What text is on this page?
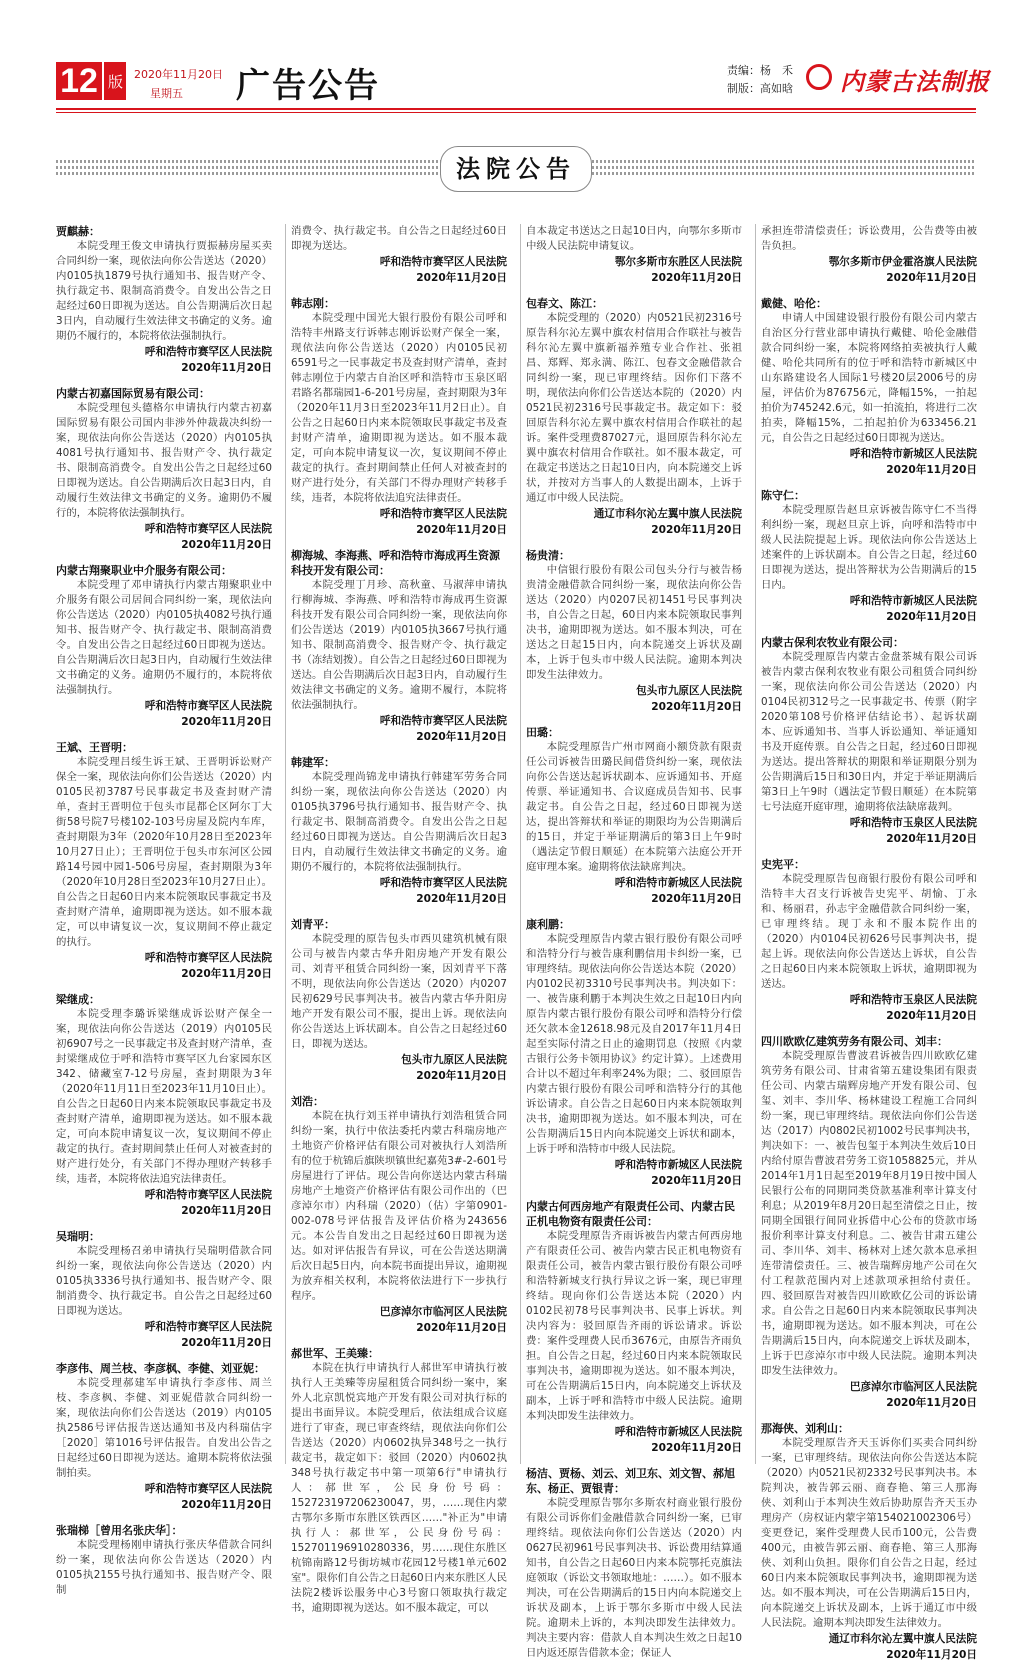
12 版 2020年11月20日
星期五 广告公告	责编：杨　禾
制版：高如晗 内蒙古法制报
法院公告
贾麒赫：

本院受理王俊文申请执行贾振赫房屋买卖合同纠纷一案，现依法向你公告送达（2020）内0105执1879号执行通知书、报告财产令、执行裁定书、限制高消费令。自发出公告之日起经过60日即视为送达。自公告期满后次日起3日内，自动履行生效法律文书确定的义务。逾期仍不履行的，本院将依法强制执行。

呼和浩特市赛罕区人民法院
2020年11月20日
内蒙古初嘉国际贸易有限公司：

本院受理包头德格尔申请执行内蒙古初嘉国际贸易有限公司国内非涉外仲裁裁决纠纷一案，现依法向你公告送达（2020）内0105执4081号执行通知书、报告财产令、执行裁定书、限制高消费令。自发出公告之日起经过60日即视为送达。自公告期满后次日起3日内，自动履行生效法律文书确定的义务。逾期仍不履行的，本院将依法强制执行。

呼和浩特市赛罕区人民法院
2020年11月20日
内蒙古翔聚职业中介服务有限公司：

本院受理了邓申请执行内蒙古翔聚职业中介服务有限公司居间合同纠纷一案，现依法向你公告送达（2020）内0105执4082号执行通知书、报告财产令、执行裁定书、限制高消费令。自发出公告之日起经过60日即视为送达。自公告期满后次日起3日内，自动履行生效法律文书确定的义务。逾期仍不履行的，本院将依法强制执行。

呼和浩特市赛罕区人民法院
2020年11月20日
王斌、王晋明：

本院受理吕绥生诉王斌、王晋明诉讼财产保全一案，现依法向你们公告送达（2020）内0105民初3787号民事裁定书及查封财产清单，查封王晋明位于包头市昆都仑区阿尔丁大街58号院7号楼102-103号房屋及院内车库，查封期限为3年（2020年10月28日至2023年10月27日止）；王晋明位于包头市东河区公园路14号园中园1-506号房屋，查封期限为3年（2020年10月28日至2023年10月27日止）。自公告之日起60日内来本院领取民事裁定书及查封财产清单，逾期即视为送达。如不服本裁定，可以申请复议一次，复议期间不停止裁定的执行。

呼和浩特市赛罕区人民法院
2020年11月20日
梁继成：

本院受理李璐诉梁继成诉讼财产保全一案，现依法向你公告送达（2019）内0105民初6907号之一民事裁定书及查封财产清单，查封梁继成位于呼和浩特市赛罕区九台家园东区342、储藏室7-12号房屋，查封期限为3年（2020年11月11日至2023年11月10日止）。自公告之日起60日内来本院领取民事裁定书及查封财产清单，逾期即视为送达。如不服本裁定，可向本院申请复议一次，复议期间不停止裁定的执行。查封期间禁止任何人对被查封的财产进行处分，有关部门不得办理财产转移手续，违者，本院将依法追究法律责任。

呼和浩特市赛罕区人民法院
2020年11月20日
吴瑞明：

本院受理杨召弟申请执行吴瑞明借款合同纠纷一案，现依法向你公告送达（2020）内0105执3336号执行通知书、报告财产令、限制消费令、执行裁定书。自公告之日起经过60日即视为送达。

呼和浩特市赛罕区人民法院
2020年11月20日
李彦伟、周兰枝、李彦枫、李健、刘亚妮：

本院受理郝建军申请执行李彦伟、周兰枝、李彦枫、李健、刘亚妮借款合同纠纷一案，现依法向你们公告送达（2019）内0105执2586号评估报告送达通知书及内科瑞估字［2020］第1016号评估报告。自发出公告之日起经过60日即视为送达。逾期本院将依法强制拍卖。

呼和浩特市赛罕区人民法院
2020年11月20日
张瑞梯［曾用名张庆华］：

本院受理杨刚申请执行张庆华借款合同纠纷一案，现依法向你公告送达（2020）内0105执2155号执行通知书、报告财产令、限制

消费令、执行裁定书。自公告之日起经过60日即视为送达。

呼和浩特市赛罕区人民法院
2020年11月20日
韩志刚：

本院受理中国光大银行股份有限公司呼和浩特丰州路支行诉韩志刚诉讼财产保全一案，现依法向你公告送达（2020）内0105民初6591号之一民事裁定书及查封财产清单，查封韩志刚位于内蒙古自治区呼和浩特市玉泉区昭君路名都瑞园1-6-201号房屋，查封期限为3年（2020年11月3日至2023年11月2日止）。自公告之日起60日内来本院领取民事裁定书及查封财产清单，逾期即视为送达。如不服本裁定，可向本院申请复议一次，复议期间不停止裁定的执行。查封期间禁止任何人对被查封的财产进行处分，有关部门不得办理财产转移手续，违者，本院将依法追究法律责任。

呼和浩特市赛罕区人民法院
2020年11月20日
柳海城、李海燕、呼和浩特市海成再生资源科技开发有限公司：

本院受理丁月珍、高秋童、马淑萍申请执行柳海城、李海燕、呼和浩特市海成再生资源科技开发有限公司合同纠纷一案，现依法向你们公告送达（2019）内0105执3667号执行通知书、限制高消费令、报告财产令、执行裁定书（冻结划拨）。自公告之日起经过60日即视为送达。自公告期满后次日起3日内，自动履行生效法律文书确定的义务。逾期不履行，本院将依法强制执行。

呼和浩特市赛罕区人民法院
2020年11月20日
韩建军：

本院受理尚锦龙申请执行韩建军劳务合同纠纷一案，现依法向你公告送达（2020）内0105执3796号执行通知书、报告财产令、执行裁定书、限制高消费令。自发出公告之日起经过60日即视为送达。自公告期满后次日起3日内，自动履行生效法律文书确定的义务。逾期仍不履行的，本院将依法强制执行。

呼和浩特市赛罕区人民法院
2020年11月20日
刘青平：

本院受理的原告包头市西贝建筑机械有限公司与被告内蒙古华升阳房地产开发有限公司、刘青平租赁合同纠纷一案，因刘青平下落不明，现依法向你公告送达（2020）内0207民初629号民事判决书。被告内蒙古华升阳房地产开发有限公司不服，提出上诉。现依法向你公告送达上诉状副本。自公告之日起经过60日，即视为送达。

包头市九原区人民法院
2020年11月20日
刘浩：

本院在执行刘玉祥申请执行刘浩租赁合同纠纷一案，执行中依法委托内蒙古科瑞房地产土地资产价格评估有限公司对被执行人刘浩所有的位于杭锦后旗陕坝镇世纪嘉苑3#-2-601号房屋进行了评估。现公告向你送达内蒙古科瑞房地产土地资产价格评估有限公司作出的（巴彦淖尔市）内科瑞（2020）（估）字第0901-002-078号评估报告及评估价格为243656元。本公告自发出之日起经过60日即视为送达。如对评估报告有异议，可在公告送达期满后次日起5日内，向本院书面提出异议，逾期视为放弃相关权利，本院将依法进行下一步执行程序。

巴彦淖尔市临河区人民法院
2020年11月20日
郝世军、王美臻：

本院在执行申请执行人郝世军申请执行被执行人王美臻等房屋租赁合同纠纷一案中，案外人北京凯悦宾地产开发有限公司对执行标的提出书面异议。本院受理后，依法组成合议庭进行了审查，现已审查终结，现依法向你们公告送达（2020）内0602执异348号之一执行裁定书，裁定如下：驳回（2020）内0602执348号执行裁定书中第一项第6行"申请执行人：郝世军，公民身份号码：152723197206230047，男，……现住内蒙古鄂尔多斯市东胜区铁西区……"补正为"申请执行人：郝世军，公民身份号码：152701196910280336，男……现住东胜区杭锦南路12号街坊城市花园12号楼1单元602室"。限你们自公告之日起60日内来东胜区人民法院2楼诉讼服务中心3号窗口领取执行裁定书，逾期即视为送达。如不服本裁定，可以

自本裁定书送达之日起10日内，向鄂尔多斯市中级人民法院申请复议。

鄂尔多斯市东胜区人民法院
2020年11月20日
包春文、陈江：

本院受理的（2020）内0521民初2316号原告科尔沁左翼中旗农村信用合作联社与被告科尔沁左翼中旗新福养殖专业合作社、张祖昌、郑辉、郑永满、陈江、包春文金融借款合同纠纷一案，现已审理终结。因你们下落不明，现依法向你们公告送达本院的（2020）内0521民初2316号民事裁定书。裁定如下：驳回原告科尔沁左翼中旗农村信用合作联社的起诉。案件受理费87027元，退回原告科尔沁左翼中旗农村信用合作联社。如不服本裁定，可在裁定书送达之日起10日内，向本院递交上诉状，并按对方当事人的人数提出副本，上诉于通辽市中级人民法院。

通辽市科尔沁左翼中旗人民法院
2020年11月20日
杨贵清：

中信银行股份有限公司包头分行与被告杨贵清金融借款合同纠纷一案，现依法向你公告送达（2020）内0207民初1451号民事判决书，自公告之日起，60日内来本院领取民事判决书，逾期即视为送达。如不服本判决，可在送达之日起15日内，向本院递交上诉状及副本，上诉于包头市中级人民法院。逾期本判决即发生法律效力。

包头市九原区人民法院
2020年11月20日
田璐：

本院受理原告广州市网商小额贷款有限责任公司诉被告田璐民间借贷纠纷一案，现依法向你公告送达起诉状副本、应诉通知书、开庭传票、举证通知书、合议庭成员告知书、民事裁定书。自公告之日起，经过60日即视为送达，提出答辩状和举证的期限均为公告期满后的15日，并定于举证期满后的第3日上午9时（遇法定节假日顺延）在本院第六法庭公开开庭审理本案。逾期将依法缺席判决。

呼和浩特市新城区人民法院
2020年11月20日
康利鹏：

本院受理原告内蒙古银行股份有限公司呼和浩特分行与被告康利鹏信用卡纠纷一案，已审理终结。现依法向你公告送达本院（2020）内0102民初3310号民事判决书。判决如下：一、被告康利鹏于本判决生效之日起10日内向原告内蒙古银行股份有限公司呼和浩特分行偿还欠款本金12618.98元及自2017年11月4日起至实际付清之日止的逾期罚息（按照《内蒙古银行公务卡领用协议》约定计算）。上述费用合计以不超过年利率24%为限；二、驳回原告内蒙古银行股份有限公司呼和浩特分行的其他诉讼请求。自公告之日起60日内来本院领取判决书，逾期即视为送达。如不服本判决，可在公告期满后15日内向本院递交上诉状和副本，上诉于呼和浩特市中级人民法院。

呼和浩特市新城区人民法院
2020年11月20日
内蒙古何西房地产有限责任公司、内蒙古民正机电物资有限责任公司：

本院受理原告齐雨诉被告内蒙古何西房地产有限责任公司、被告内蒙古民正机电物资有限责任公司，被告内蒙古银行股份有限公司呼和浩特新城支行执行异议之诉一案，现已审理终结。现向你们公告送达本院（2020）内0102民初78号民事判决书、民事上诉状。判决内容为：驳回原告齐雨的诉讼请求。诉讼费：案件受理费人民币3676元，由原告齐雨负担。自公告之日起，经过60日内来本院领取民事判决书，逾期即视为送达。如不服本判决，可在公告期满后15日内，向本院递交上诉状及副本，上诉于呼和浩特市中级人民法院。逾期本判决即发生法律效力。

呼和浩特市新城区人民法院
2020年11月20日
杨洁、贾杨、刘云、刘卫东、刘文智、郝旭东、杨正、贾银青：

本院受理原告鄂尔多斯农村商业银行股份有限公司诉你们金融借款合同纠纷一案，已审理终结。现依法向你们公告送达（2020）内0627民初961号民事判决书、诉讼费用结算通知书，自公告之日起60日内来本院鄂托克旗法庭领取（诉讼文书领取地址：……）。如不服本判决，可在公告期满后的15日内向本院递交上诉状及副本，上诉于鄂尔多斯市中级人民法院。逾期未上诉的，本判决即发生法律效力。判决主要内容：借款人自本判决生效之日起10日内返还原告借款本金；保证人

承担连带清偿责任；诉讼费用，公告费等由被告负担。

鄂尔多斯市伊金霍洛旗人民法院
2020年11月20日
戴健、哈伦：

申请人中国建设银行股份有限公司内蒙古自治区分行营业部申请执行戴健、哈伦金融借款合同纠纷一案，本院将网络拍卖被执行人戴健、哈伦共同所有的位于呼和浩特市新城区中山东路建设名人国际1号楼20层2006号的房屋，评估价为876756元，降幅15%，一拍起拍价为745242.6元，如一拍流拍，将进行二次拍卖，降幅15%，二拍起拍价为633456.21元，自公告之日起经过60日即视为送达。

呼和浩特市新城区人民法院
2020年11月20日
陈守仁：

本院受理原告赵旦京诉被告陈守仁不当得利纠纷一案，现赵旦京上诉，向呼和浩特市中级人民法院提起上诉。现依法向你公告送达上述案件的上诉状副本。自公告之日起，经过60日即视为送达，提出答辩状为公告期满后的15日内。

呼和浩特市新城区人民法院
2020年11月20日
内蒙古保利农牧业有限公司：

本院受理原告内蒙古金盘茶城有限公司诉被告内蒙古保利农牧业有限公司租赁合同纠纷一案，现依法向你公司公告送达（2020）内0104民初312号之一民事裁定书、传票（附字2020第108号价格评估结论书）、起诉状副本、应诉通知书、当事人诉讼通知、举证通知书及开庭传票。自公告之日起，经过60日即视为送达。提出答辩状的期限和举证期限分别为公告期满后15日和30日内，并定于举证期满后第3日上午9时（遇法定节假日顺延）在本院第七号法庭开庭审理，逾期将依法缺席裁判。

呼和浩特市玉泉区人民法院
2020年11月20日
史宪平：

本院受理原告包商银行股份有限公司呼和浩特丰大召支行诉被告史宪平、胡愉、丁永和、杨丽君，孙志宇金融借款合同纠纷一案，已审理终结。现丁永和不服本院作出的（2020）内0104民初626号民事判决书，提起上诉。现依法向你公告送达上诉状，自公告之日起60日内来本院领取上诉状，逾期即视为送达。

呼和浩特市玉泉区人民法院
2020年11月20日
四川欧欧亿建筑劳务有限公司、刘丰：

本院受理原告曹波君诉被告四川欧欧亿建筑劳务有限公司、甘肃省第五建设集团有限责任公司、内蒙古瑞辉房地产开发有限公司、包玺、刘丰、李川华、杨林建设工程施工合同纠纷一案，现已审理终结。现依法向你们公告送达（2017）内0802民初1002号民事判决书，判决如下：一、被告包玺于本判决生效后10日内给付原告曹波君劳务工资1058825元，并从2014年1月1日起至2019年8月19日按中国人民银行公布的同期同类贷款基准利率计算支付利息；从2019年8月20日起至清偿之日止，按同期全国银行间同业拆借中心公布的贷款市场报价利率计算支付利息。二、被告甘肃五建公司、李川华、刘丰、杨林对上述欠款本息承担连带清偿责任。三、被告瑞辉房地产公司在欠付工程款范围内对上述款项承担给付责任。四、驳回原告对被告四川欧欧亿公司的诉讼请求。自公告之日起60日内来本院领取民事判决书，逾期即视为送达。如不服本判决，可在公告期满后15日内，向本院递交上诉状及副本，上诉于巴彦淖尔市中级人民法院。逾期本判决即发生法律效力。

巴彦淖尔市临河区人民法院
2020年11月20日
那海侠、刘利山：

本院受理原告齐天玉诉你们买卖合同纠纷一案，已审理终结。现依法向你公告送达本院（2020）内0521民初2332号民事判决书。本院判决，被告郭云丽、商春艳、第三人那海侠、刘利山于本判决生效后协助原告齐天玉办理房产（房权证内蒙字第154021002306号）变更登记，案件受理费人民币100元，公告费400元，由被告郭云丽、商春艳、第三人那海侠、刘利山负担。限你们自公告之日起，经过60日内来本院领取民事判决书，逾期即视为送达。如不服本判决，可在公告期满后15日内，向本院递交上诉状及副本，上诉于通辽市中级人民法院。逾期本判决即发生法律效力。

通辽市科尔沁左翼中旗人民法院
2020年11月20日
